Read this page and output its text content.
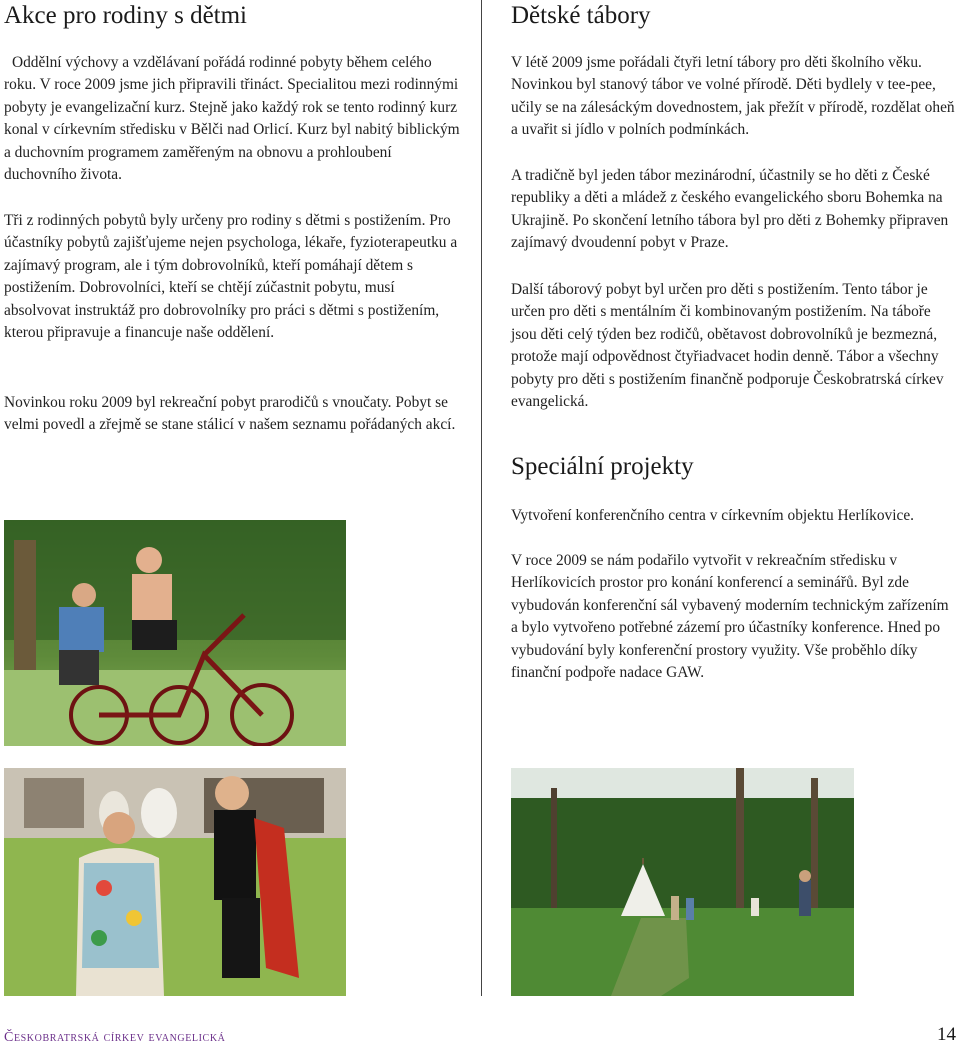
Akce pro rodiny s dětmi

Oddělní výchovy a vzdělávaní pořádá rodinné pobyty během celého roku. V roce 2009 jsme jich připravili třináct. Specialitou mezi rodinnými pobyty je evangelizační kurz. Stejně jako každý rok se tento rodinný kurz konal v církevním středisku v Bělči nad Orlicí. Kurz byl nabitý biblickým a duchovním programem zaměřeným na obnovu a prohloubení duchovního života.

Tři z rodinných pobytů byly určeny pro rodiny s dětmi s postižením. Pro účastníky pobytů zajišťujeme nejen psychologa, lékaře, fyzioterapeutku a zajímavý program, ale i tým dobrovolníků, kteří pomáhají dětem s postižením. Dobrovolníci, kteří se chtějí zúčastnit pobytu, musí absolvovat instruktáž pro dobrovolníky pro práci s dětmi s postižením, kterou připravuje a financuje naše oddělení.

Novinkou roku 2009 byl rekreační pobyt prarodičů s vnoučaty. Pobyt se velmi povedl a zřejmě se stane stálicí v našem seznamu pořádaných akcí.

Dětské tábory

V létě 2009 jsme pořádali čtyři letní tábory pro děti školního věku. Novinkou byl stanový tábor ve volné přírodě. Děti bydlely v tee-pee, učily se na zálesáckým dovednostem, jak přežít v přírodě, rozdělat oheň a uvařit si jídlo v polních podmínkách.

A tradičně byl jeden tábor mezinárodní, účastnily se ho děti z České republiky a děti a mládež z českého evangelického sboru Bohemka na Ukrajině. Po skončení letního tábora byl pro děti z Bohemky připraven zajímavý dvoudenní pobyt v Praze.

Další táborový pobyt byl určen pro děti s postižením. Tento tábor je určen pro děti s mentálním či kombinovaným postižením. Na táboře jsou děti celý týden bez rodičů, obětavost dobrovolníků je bezmezná, protože mají odpovědnost čtyřiadvacet hodin denně. Tábor a všechny pobyty pro děti s postižením finančně podporuje Českobratrská církev evangelická.

Speciální projekty

Vytvoření konferenčního centra v církevním objektu Herlíkovice.

V roce 2009 se nám podařilo vytvořit v rekreačním středisku v Herlíkovicích prostor pro konání konferencí a seminářů. Byl zde vybudován konferenční sál vybavený moderním technickým zařízením a bylo vytvořeno potřebné zázemí pro účastníky konference. Hned po vybudování byly konferenční prostory využity. Vše proběhlo díky finanční podpoře nadace GAW.

Českobratrská církev evangelická	14
